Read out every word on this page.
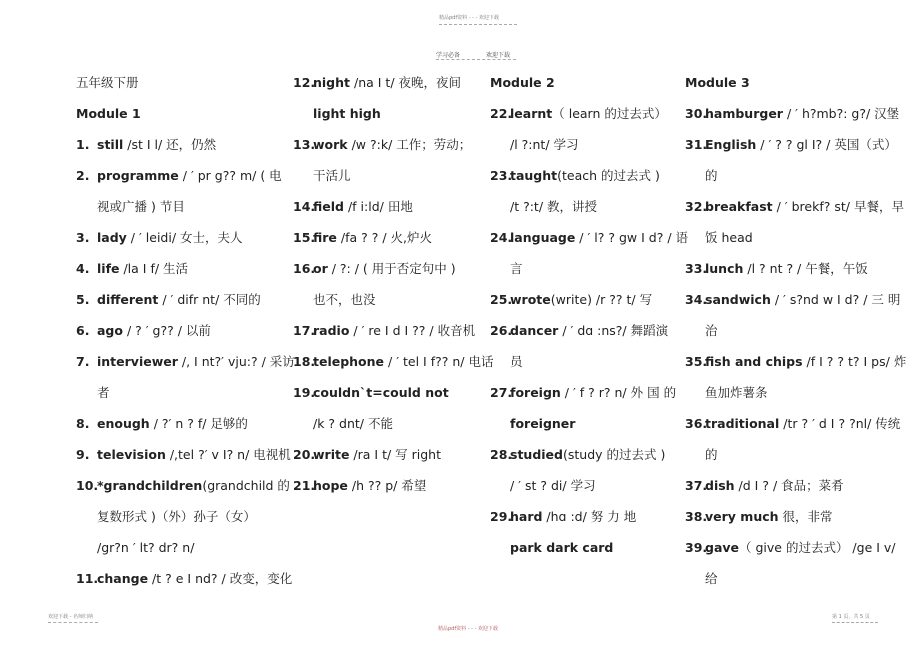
精品pdf资料 - - - 欢迎下载
学习必备	欢迎下载
五年级下册
Module 1
1. still /st I l/ 还，仍然
2. programme / ′ pr g?? m/ ( 电
视或广播 ) 节目
3. lady / ′ leidi/ 女士，夫人
4. life /la I f/ 生活
5. different / ′ difr nt/ 不同的
6. ago / ? ′ g?? / 以前
7. interviewer /, I nt?′ vju:? / 采访
者
8. enough / ?′ n ? f/ 足够的
9. television /,tel ?′ v I? n/ 电视机
10.*grandchildren(grandchild 的
复数形式 )（外）孙子（女）
/gr?n ′ lt? dr? n/
11.change /t ? e I nd? / 改变，变化
12.night /na I t/ 夜晚，夜间
light high
13.work /w ?:k/ 工作；劳动；
干活儿
14.field /f i:ld/ 田地
15.fire /fa ? ? / 火,炉火
16.or / ?: / ( 用于否定句中 )
也不，也没
17.radio / ′ re I d I ?? / 收音机
18.telephone / ′ tel I f?? n/ 电话
19.couldn`t=could not
/k ? dnt/ 不能
20.write /ra I t/ 写 right
21.hope /h ?? p/ 希望
Module 2
22.learnt（ learn 的过去式）
/l ?:nt/ 学习
23.taught(teach 的过去式 )
/t ?:t/ 教，讲授
24.language / ′ l? ? gw I d? / 语
言
25.wrote(write) /r ?? t/ 写
26.dancer / ′ dɑ :ns?/ 舞蹈演
员
27.foreign / ′ f ? r? n/ 外 国 的
foreigner
28.studied(study 的过去式 )
/ ′ st ? di/ 学习
29.hard /hɑ :d/ 努 力 地
park dark card
Module 3
30.hamburger / ′ h?mb?: g?/ 汉堡
31.English / ′ ? ? gl I? / 英国（式）
的
32.breakfast / ′ brekf? st/ 早餐，早
饭 head
33.lunch /l ? nt ? / 午餐，午饭
34.sandwich / ′ s?nd w I d? / 三 明
治
35.fish and chips /f I ? ? t? I ps/ 炸
鱼加炸薯条
36.traditional /tr ? ′ d I ? ?nl/ 传统
的
37.dish /d I ? / 食品；菜肴
38.very much 很，非常
39.gave（ give 的过去式） /ge I v/
给
欢迎下载 - 名师归纳
精品pdf资料 - - - 欢迎下载
第 1 页，共 5 页
